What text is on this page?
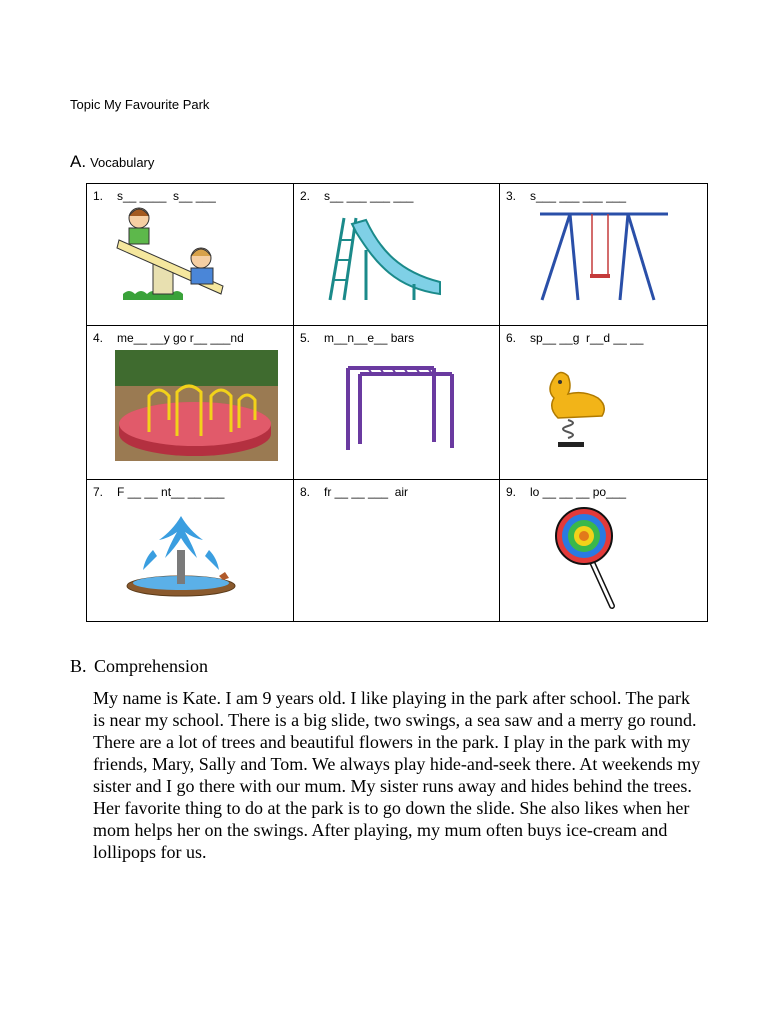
Topic My Favourite Park
A. Vocabulary
1. s__ ____  s__ ___	2. s__ ___ ___ ___	3. s___ ___ ___ ___

4. me__ __y go r__ ___nd	5. m__n__e__ bars	6. sp__ __g  r__d __ __

7. F __ __ nt__ __ ___	8. fr __ __ ___  air	9. lo __ __ __ po___
B. Comprehension
My name is Kate. I am 9 years old. I like playing in the park after school. The park is near my school. There is a big slide, two swings, a sea saw and a merry go round. There are a lot of trees and beautiful flowers in the park. I play in the park with my friends, Mary, Sally and Tom. We always play hide-and-seek there. At weekends my sister and I go there with our mum. My sister runs away and hides behind the trees. Her favorite thing to do at the park is to go down the slide. She also likes when her mom helps her on the swings. After playing, my mum often buys ice-cream and lollipops for us.
